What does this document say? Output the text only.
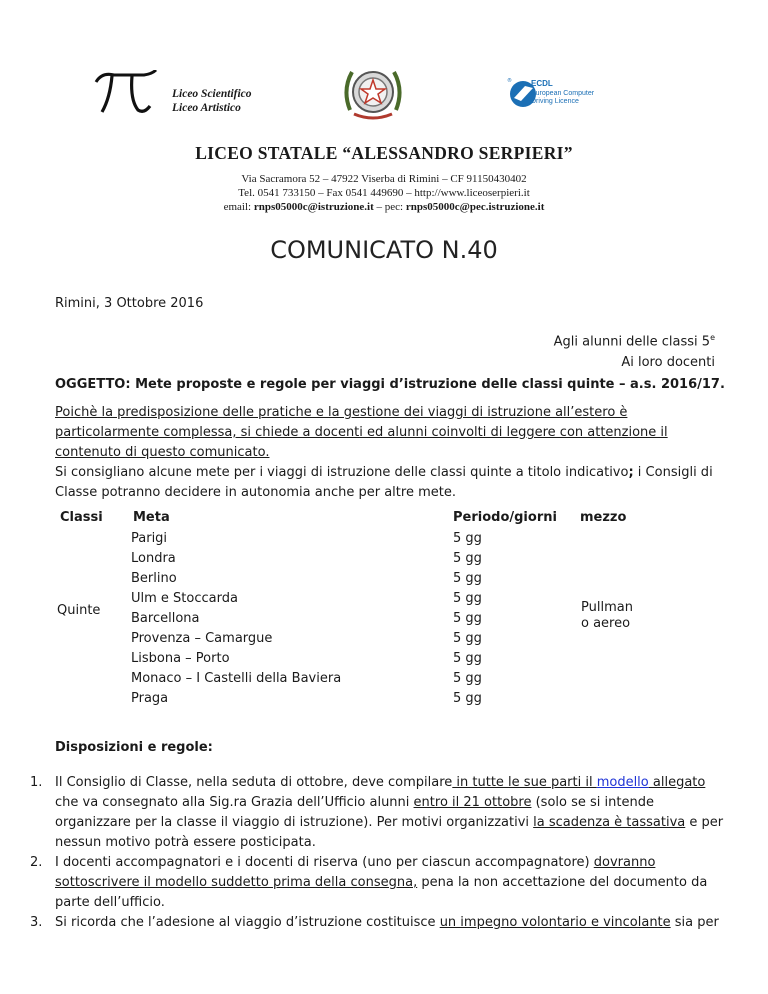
Liceo Scientifico
Liceo Artistico
® ECDL
European Computer
Driving Licence
LICEO STATALE “ALESSANDRO SERPIERI”
Via Sacramora 52 – 47922 Viserba di Rimini – CF 91150430402
Tel. 0541 733150 – Fax 0541 449690 – http://www.liceoserpieri.it
email: rnps05000c@istruzione.it – pec: rnps05000c@pec.istruzione.it
COMUNICATO N.40
Rimini, 3 Ottobre 2016
Agli alunni delle classi 5e
Ai loro docenti
OGGETTO: Mete proposte e regole per viaggi d’istruzione delle classi quinte – a.s. 2016/17.
Poichè la predisposizione delle pratiche e la gestione dei viaggi di istruzione all’estero è
particolarmente complessa, si chiede a docenti ed alunni coinvolti di leggere con attenzione il
contenuto di questo comunicato.
Si consigliano alcune mete per i viaggi di istruzione delle classi quinte a titolo indicativo; i Consigli di
Classe potranno decidere in autonomia anche per altre mete.
Classi Meta	Periodo/giorni mezzo
Quinte
Parigi
Londra
Berlino
Ulm e Stoccarda
Barcellona
Provenza – Camargue
Lisbona – Porto
Monaco – I Castelli della Baviera
Praga
5 gg
5 gg
5 gg
5 gg
5 gg
5 gg
5 gg
5 gg
5 gg
Pullman
o aereo
Disposizioni e regole:
1. Il Consiglio di Classe, nella seduta di ottobre, deve compilare in tutte le sue parti il modello allegato
che va consegnato alla Sig.ra Grazia dell’Ufficio alunni entro il 21 ottobre (solo se si intende
organizzare per la classe il viaggio di istruzione). Per motivi organizzativi la scadenza è tassativa e per
nessun motivo potrà essere posticipata.
2. I docenti accompagnatori e i docenti di riserva (uno per ciascun accompagnatore) dovranno
sottoscrivere il modello suddetto prima della consegna, pena la non accettazione del documento da
parte dell’ufficio.
3. Si ricorda che l’adesione al viaggio d’istruzione costituisce un impegno volontario e vincolante sia per
